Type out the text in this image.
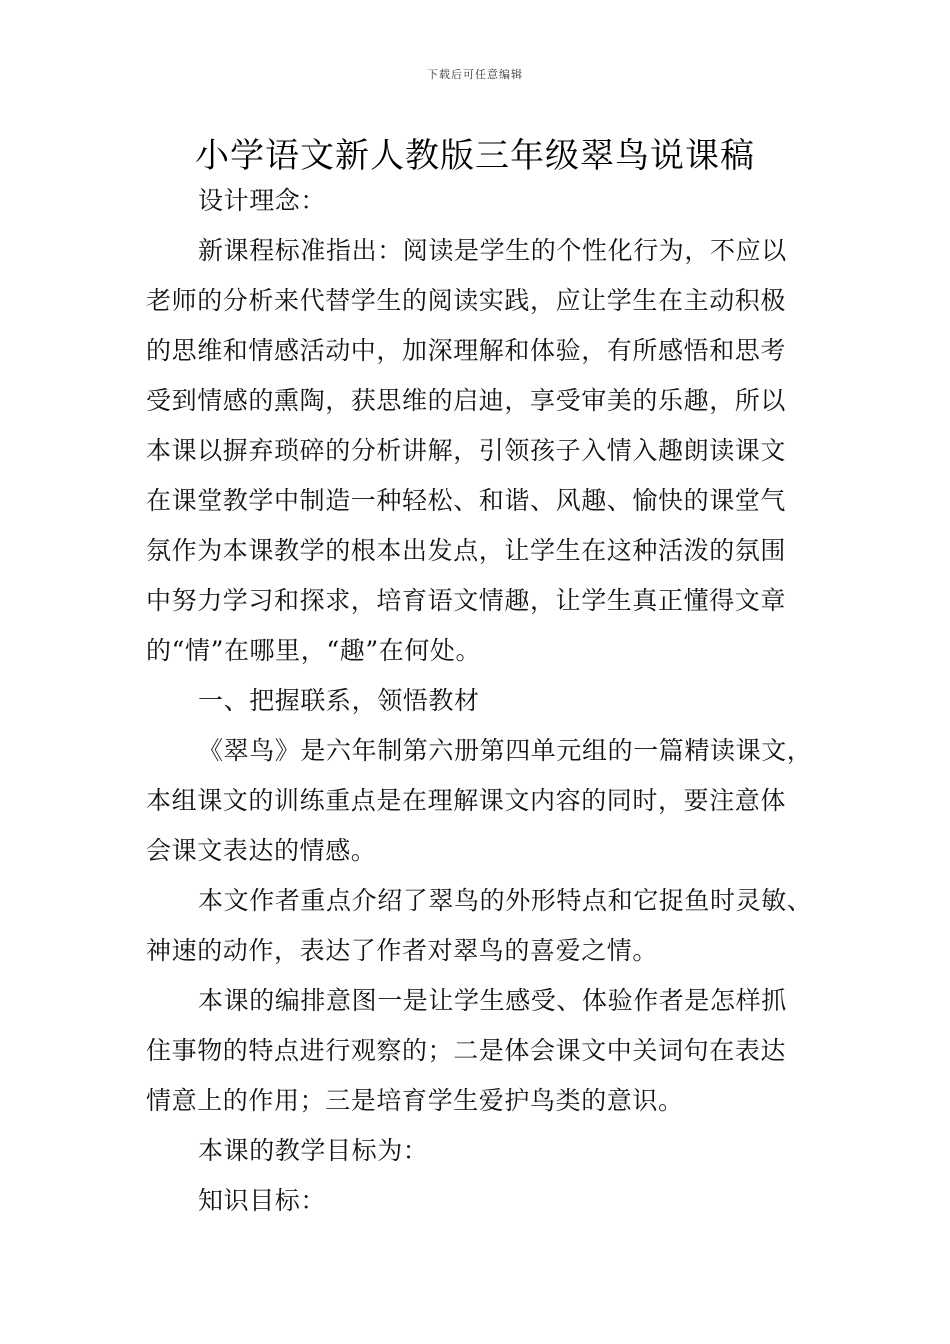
下载后可任意编辑
小学语文新人教版三年级翠鸟说课稿
设计理念：
新课程标准指出：阅读是学生的个性化行为，不应以
老师的分析来代替学生的阅读实践，应让学生在主动积极
的思维和情感活动中，加深理解和体验，有所感悟和思考
受到情感的熏陶，获思维的启迪，享受审美的乐趣，所以
本课以摒弃琐碎的分析讲解，引领孩子入情入趣朗读课文
在课堂教学中制造一种轻松、和谐、风趣、愉快的课堂气
氛作为本课教学的根本出发点，让学生在这种活泼的氛围
中努力学习和探求，培育语文情趣，让学生真正懂得文章
的“情”在哪里，“趣”在何处。
一、把握联系，领悟教材
《翠鸟》是六年制第六册第四单元组的一篇精读课文，
本组课文的训练重点是在理解课文内容的同时，要注意体
会课文表达的情感。
本文作者重点介绍了翠鸟的外形特点和它捉鱼时灵敏、
神速的动作，表达了作者对翠鸟的喜爱之情。
本课的编排意图一是让学生感受、体验作者是怎样抓
住事物的特点进行观察的；二是体会课文中关词句在表达
情意上的作用；三是培育学生爱护鸟类的意识。
本课的教学目标为：
知识目标：
